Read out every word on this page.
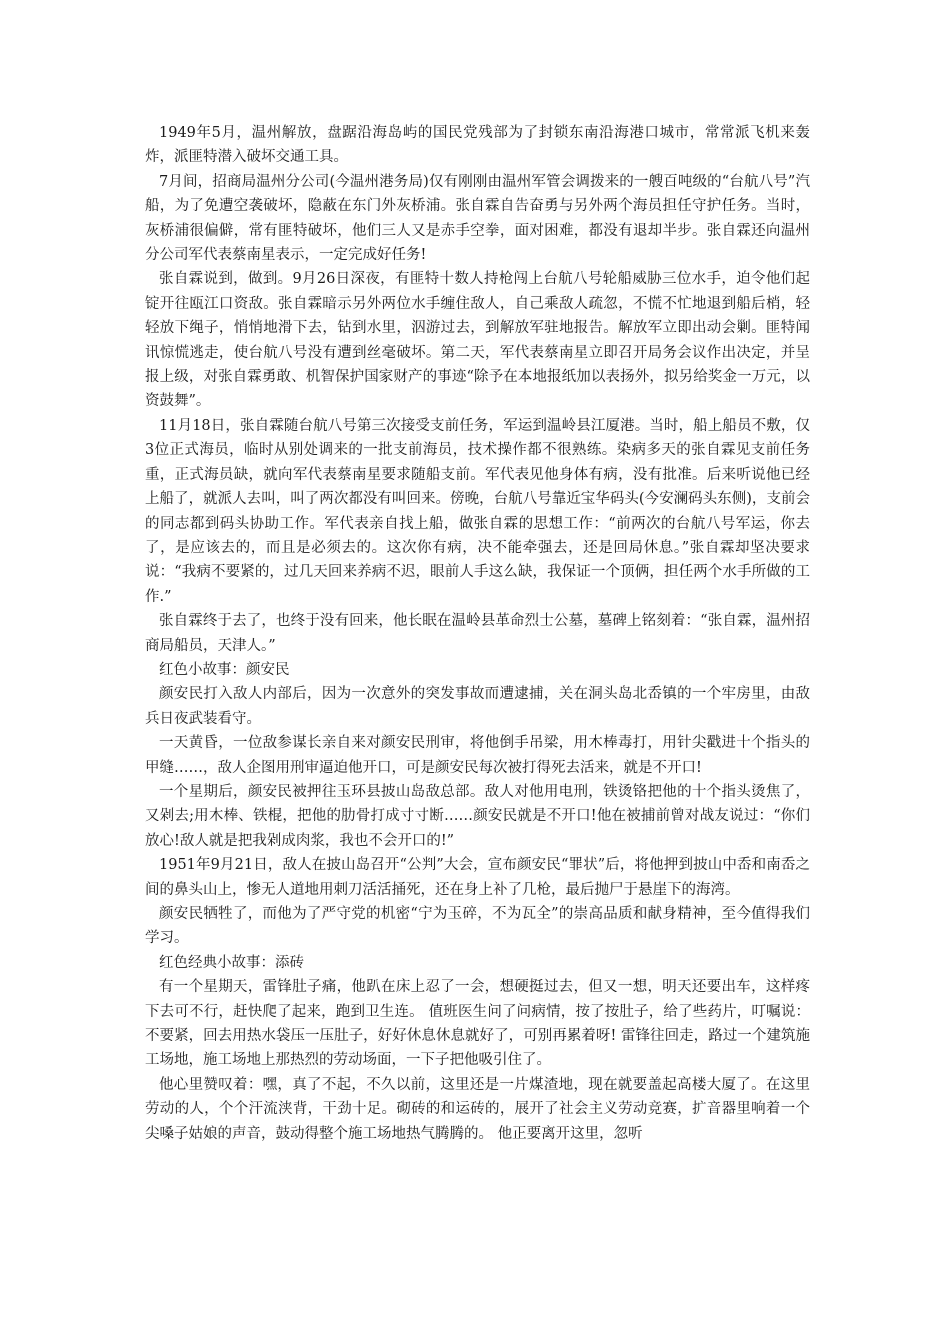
1949年5月，温州解放，盘踞沿海岛屿的国民党残部为了封锁东南沿海港口城市，常常派飞机来轰炸，派匪特潜入破坏交通工具。

7月间，招商局温州分公司(今温州港务局)仅有刚刚由温州军管会调拨来的一艘百吨级的“台航八号”汽船，为了免遭空袭破坏，隐蔽在东门外灰桥浦。张自霖自告奋勇与另外两个海员担任守护任务。当时，灰桥浦很偏僻，常有匪特破坏，他们三人又是赤手空拳，面对困难，都没有退却半步。张自霖还向温州分公司军代表蔡南星表示，一定完成好任务!

张自霖说到，做到。9月26日深夜，有匪特十数人持枪闯上台航八号轮船威胁三位水手，迫令他们起锭开往瓯江口资敌。张自霖暗示另外两位水手缠住敌人，自己乘敌人疏忽，不慌不忙地退到船后梢，轻轻放下绳子，悄悄地滑下去，钻到水里，泅游过去，到解放军驻地报告。解放军立即出动会剿。匪特闻讯惊慌逃走，使台航八号没有遭到丝毫破坏。第二天，军代表蔡南星立即召开局务会议作出决定，并呈报上级，对张自霖勇敢、机智保护国家财产的事迹“除予在本地报纸加以表扬外，拟另给奖金一万元，以资鼓舞”。

11月18日，张自霖随台航八号第三次接受支前任务，军运到温岭县江厦港。当时，船上船员不敷，仅3位正式海员，临时从别处调来的一批支前海员，技术操作都不很熟练。染病多天的张自霖见支前任务重，正式海员缺，就向军代表蔡南星要求随船支前。军代表见他身体有病，没有批准。后来听说他已经上船了，就派人去叫，叫了两次都没有叫回来。傍晚，台航八号靠近宝华码头(今安澜码头东侧)，支前会的同志都到码头协助工作。军代表亲自找上船，做张自霖的思想工作：“前两次的台航八号军运，你去了，是应该去的，而且是必须去的。这次你有病，决不能牵强去，还是回局休息。”张自霖却坚决要求说：“我病不要紧的，过几天回来养病不迟，眼前人手这么缺，我保证一个顶俩，担任两个水手所做的工作.”

张自霖终于去了，也终于没有回来，他长眠在温岭县革命烈士公墓，墓碑上铭刻着：“张自霖，温州招商局船员，天津人。”

红色小故事：颜安民

颜安民打入敌人内部后，因为一次意外的突发事故而遭逮捕，关在洞头岛北岙镇的一个牢房里，由敌兵日夜武装看守。

一天黄昏，一位敌参谋长亲自来对颜安民刑审，将他倒手吊梁，用木棒毒打，用针尖戳进十个指头的甲缝……，敌人企图用刑审逼迫他开口，可是颜安民每次被打得死去活来，就是不开口!

一个星期后，颜安民被押往玉环县披山岛敌总部。敌人对他用电刑，铁烫铬把他的十个指头烫焦了，又剁去;用木棒、铁棍，把他的肋骨打成寸寸断……颜安民就是不开口!他在被捕前曾对战友说过：“你们放心!敌人就是把我剁成肉浆，我也不会开口的!”

1951年9月21日，敌人在披山岛召开“公判”大会，宣布颜安民“罪状”后，将他押到披山中岙和南岙之间的鼻头山上，惨无人道地用刺刀活活捅死，还在身上补了几枪，最后抛尸于悬崖下的海湾。

颜安民牺牲了，而他为了严守党的机密“宁为玉碎，不为瓦全”的崇高品质和献身精神，至今值得我们学习。

红色经典小故事：添砖

有一个星期天，雷锋肚子痛，他趴在床上忍了一会，想硬挺过去，但又一想，明天还要出车，这样疼下去可不行，赶快爬了起来，跑到卫生连。 值班医生问了问病情，按了按肚子，给了些药片，叮嘱说：不要紧，回去用热水袋压一压肚子，好好休息休息就好了，可别再累着呀! 雷锋往回走，路过一个建筑施工场地，施工场地上那热烈的劳动场面，一下子把他吸引住了。

他心里赞叹着：嘿，真了不起，不久以前，这里还是一片煤渣地，现在就要盖起高楼大厦了。在这里劳动的人，个个汗流浃背，干劲十足。砌砖的和运砖的，展开了社会主义劳动竞赛，扩音器里响着一个尖嗓子姑娘的声音，鼓动得整个施工场地热气腾腾的。 他正要离开这里，忽听
